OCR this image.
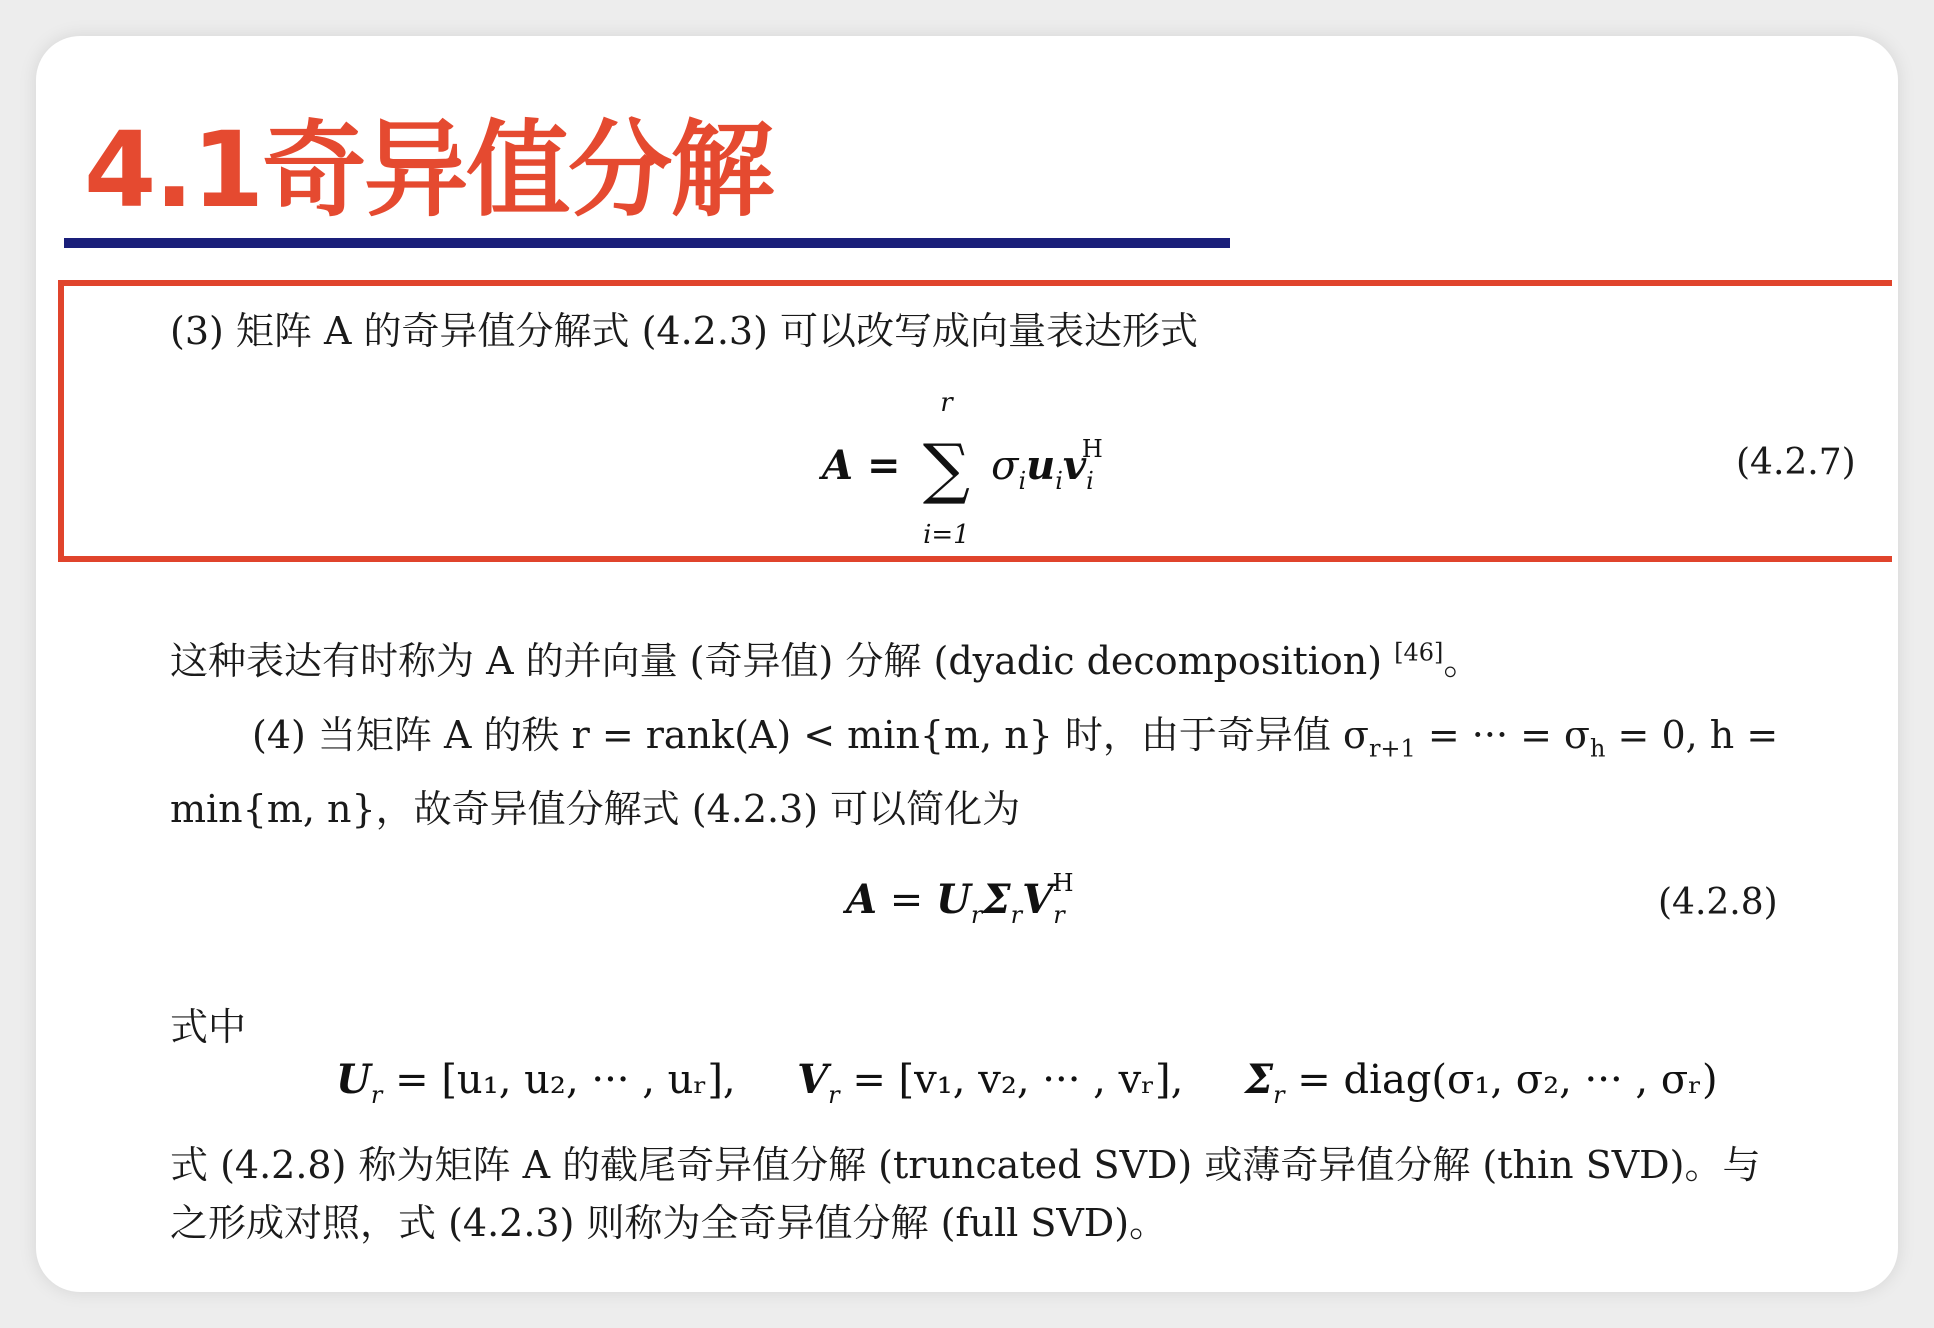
4.1奇异值分解
(3) 矩阵 A 的奇异值分解式 (4.2.3) 可以改写成向量表达形式
A =
r
∑
i=1
$\sigma_iu_iv_i^H$	(4.2.7)
这种表达有时称为 A 的并向量 (奇异值) 分解 (dyadic decomposition) [46]。
(4) 当矩阵 A 的秩 r = rank(A) < min{m, n} 时，由于奇异值 $\sigma_{r+1}$ = ··· = $\sigma_h = 0$, h =
min{m, n}，故奇异值分解式 (4.2.3) 可以简化为
$A = U_r\Sigma_rV_r^H$	(4.2.8)
式中
$U_r = [u_1$, u₂, ··· , uᵣ], $V_r = [v_1$, v₂, ··· , vᵣ], $\Sigma_r$ = diag(σ₁, σ₂, ··· , σᵣ)
式 (4.2.8) 称为矩阵 A 的截尾奇异值分解 (truncated SVD) 或薄奇异值分解 (thin SVD)。与
之形成对照，式 (4.2.3) 则称为全奇异值分解 (full SVD)。
